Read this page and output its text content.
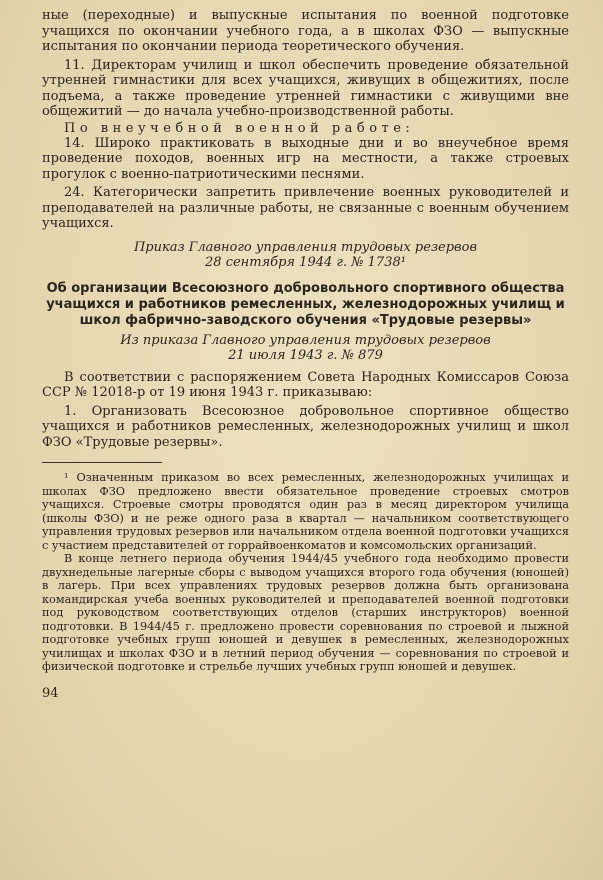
ные (переходные) и выпускные испытания по военной подготовке учащихся по окончании учебного года, а в школах ФЗО — выпускные испытания по окончании периода теоретического обучения.

11. Директорам училищ и школ обеспечить проведение обязательной утренней гимнастики для всех учащихся, живущих в общежитиях, после подъема, а также проведение утренней гимнастики с живущими вне общежитий — до начала учебно-производственной работы.

По внеучебной военной работе:

14. Широко практиковать в выходные дни и во внеучебное время проведение походов, военных игр на местности, а также строевых прогулок с военно-патриотическими песнями.

24. Категорически запретить привлечение военных руководителей и преподавателей на различные работы, не связанные с военным обучением учащихся.

Приказ Главного управления трудовых резервов
28 сентября 1944 г. № 1738¹

Об организации Всесоюзного добровольного спортивного общества учащихся и работников ремесленных, железнодорожных училищ и школ фабрично-заводского обучения «Трудовые резервы»

Из приказа Главного управления трудовых резервов
21 июля 1943 г. № 879

В соответствии с распоряжением Совета Народных Комиссаров Союза ССР № 12018-р от 19 июня 1943 г. приказываю:

1. Организовать Всесоюзное добровольное спортивное общество учащихся и работников ремесленных, железнодорожных училищ и школ ФЗО «Трудовые резервы».

¹ Означенным приказом во всех ремесленных, железнодорожных училищах и школах ФЗО предложено ввести обязательное проведение строевых смотров учащихся. Строевые смотры проводятся один раз в месяц директором училища (школы ФЗО) и не реже одного раза в квартал — начальником соответствующего управления трудовых резервов или начальником отдела военной подготовки учащихся с участием представителей от горрайвоенкоматов и комсомольских организаций.

В конце летнего периода обучения 1944/45 учебного года необходимо провести двухнедельные лагерные сборы с выводом учащихся второго года обучения (юношей) в лагерь. При всех управлениях трудовых резервов должна быть организована командирская учеба военных руководителей и преподавателей военной подготовки под руководством соответствующих отделов (старших инструкторов) военной подготовки. В 1944/45 г. предложено провести соревнования по строевой и лыжной подготовке учебных групп юношей и девушек в ремесленных, железнодорожных училищах и школах ФЗО и в летний период обучения — соревнования по строевой и физической подготовке и стрельбе лучших учебных групп юношей и девушек.

94
